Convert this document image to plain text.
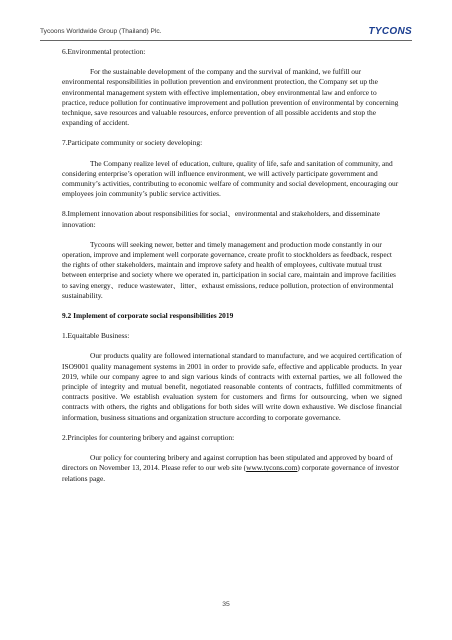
Tycoons Worldwide Group (Thailand) Plc.	TYCONS

6.Environmental protection:

For the sustainable development of the company and the survival of mankind, we fulfill our environmental responsibilities in pollution prevention and environment protection, the Company set up the environmental management system with effective implementation, obey environmental law and enforce to practice, reduce pollution for continuative improvement and pollution prevention of environmental by concerning technique, save resources and valuable resources, enforce prevention of all possible accidents and stop the expanding of accident.

7.Participate community or society developing:

The Company realize level of education, culture, quality of life, safe and sanitation of community, and considering enterprise’s operation will influence environment, we will actively participate government and community’s activities, contributing to economic welfare of community and social development, encouraging our employees join community’s public service activities.

8.Implement innovation about responsibilities for social、environmental and stakeholders, and disseminate innovation:

Tycoons will seeking newer, better and timely management and production mode constantly in our operation, improve and implement well corporate governance, create profit to stockholders as feedback, respect the rights of other stakeholders, maintain and improve safety and health of employees, cultivate mutual trust between enterprise and society where we operated in, participation in social care, maintain and improve facilities to saving energy、reduce wastewater、litter、exhaust emissions, reduce pollution, protection of environmental sustainability.

9.2 Implement of corporate social responsibilities 2019

1.Equaitable Business:

Our products quality are followed international standard to manufacture, and we acquired certification of ISO9001 quality management systems in 2001 in order to provide safe, effective and applicable products. In year 2019, while our company agree to and sign various kinds of contracts with external parties, we all followed the principle of integrity and mutual benefit, negotiated reasonable contents of contracts, fulfilled commitments of contracts positive. We establish evaluation system for customers and firms for outsourcing, when we signed contracts with others, the rights and obligations for both sides will write down exhaustive. We disclose financial information, business situations and organization structure according to corporate governance.

2.Principles for countering bribery and against corruption:

Our policy for countering bribery and against corruption has been stipulated and approved by board of directors on November 13, 2014. Please refer to our web site (www.tycons.com) corporate governance of investor relations page.

35
